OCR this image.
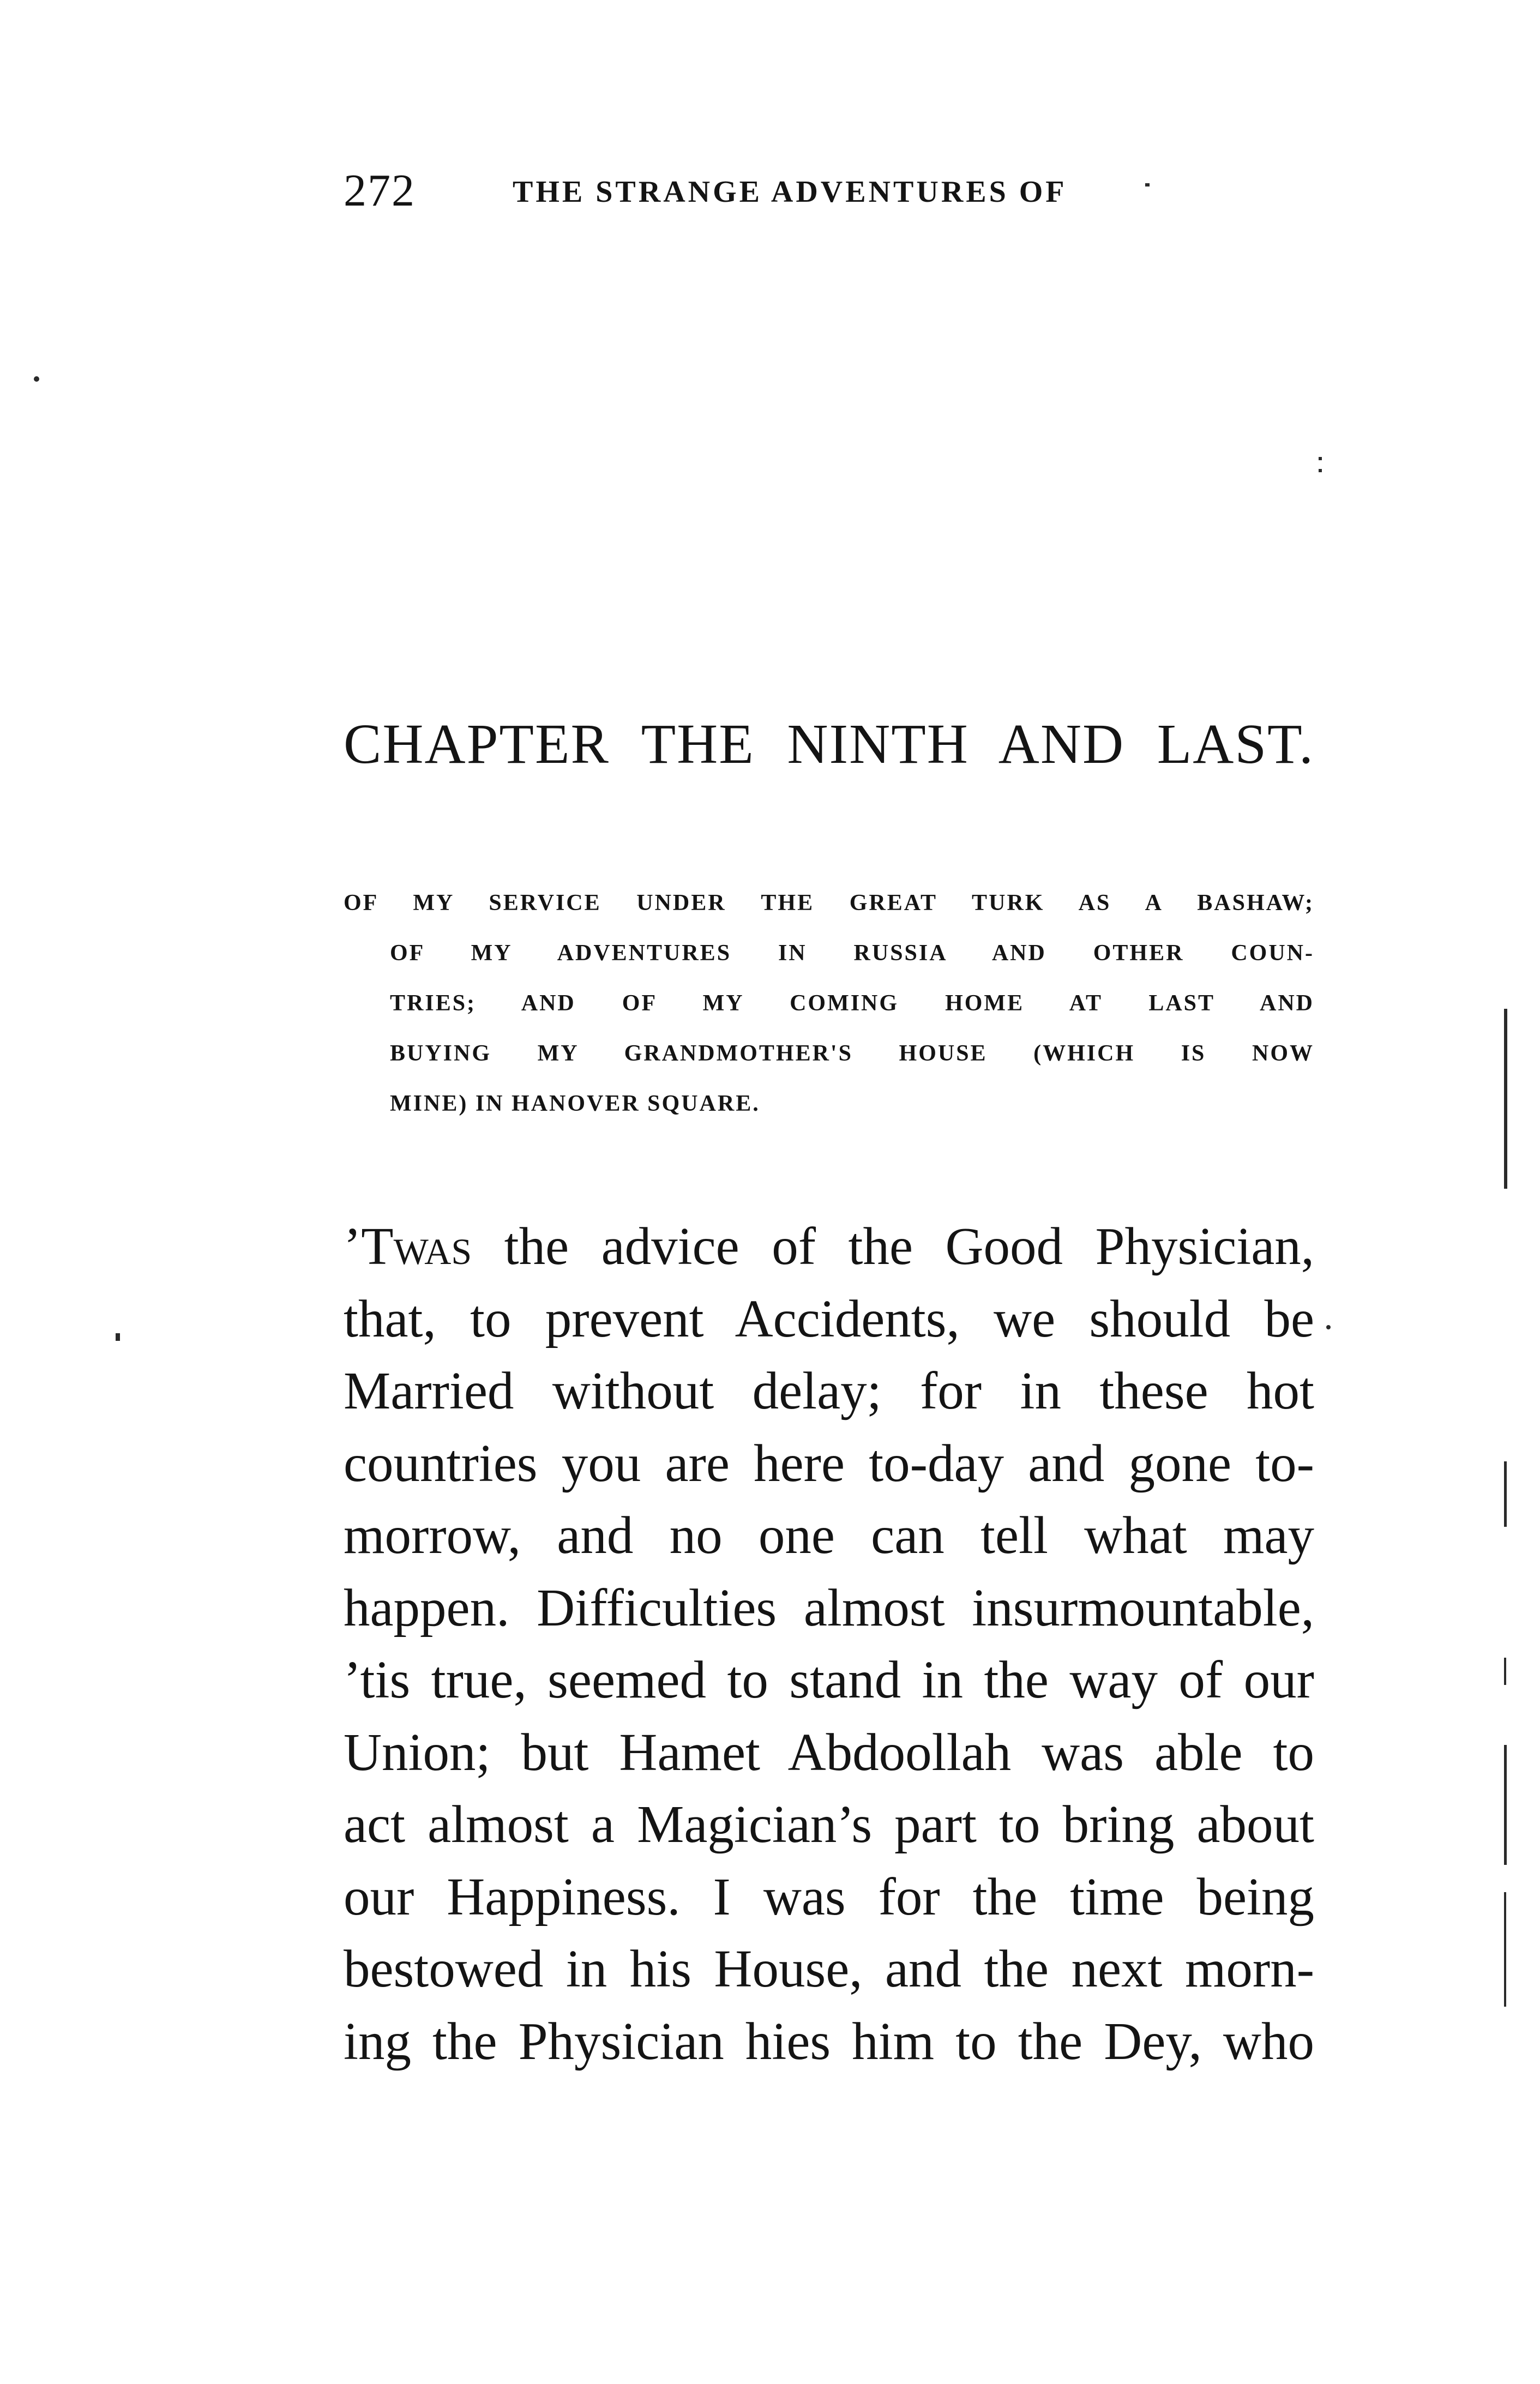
272	THE STRANGE ADVENTURES OF
CHAPTER THE NINTH AND LAST.
OF MY SERVICE UNDER THE GREAT TURK AS A BASHAW;
OF MY ADVENTURES IN RUSSIA AND OTHER COUN-
TRIES; AND OF MY COMING HOME AT LAST AND
BUYING MY GRANDMOTHER'S HOUSE (WHICH IS NOW
MINE) IN HANOVER SQUARE.
’Twas the advice of the Good Physician,
that, to prevent Accidents, we should be
Married without delay; for in these hot
countries you are here to-day and gone to-
morrow, and no one can tell what may
happen. Difficulties almost insurmountable,
’tis true, seemed to stand in the way of our
Union; but Hamet Abdoollah was able to
act almost a Magician’s part to bring about
our Happiness. I was for the time being
bestowed in his House, and the next morn-
ing the Physician hies him to the Dey, who
